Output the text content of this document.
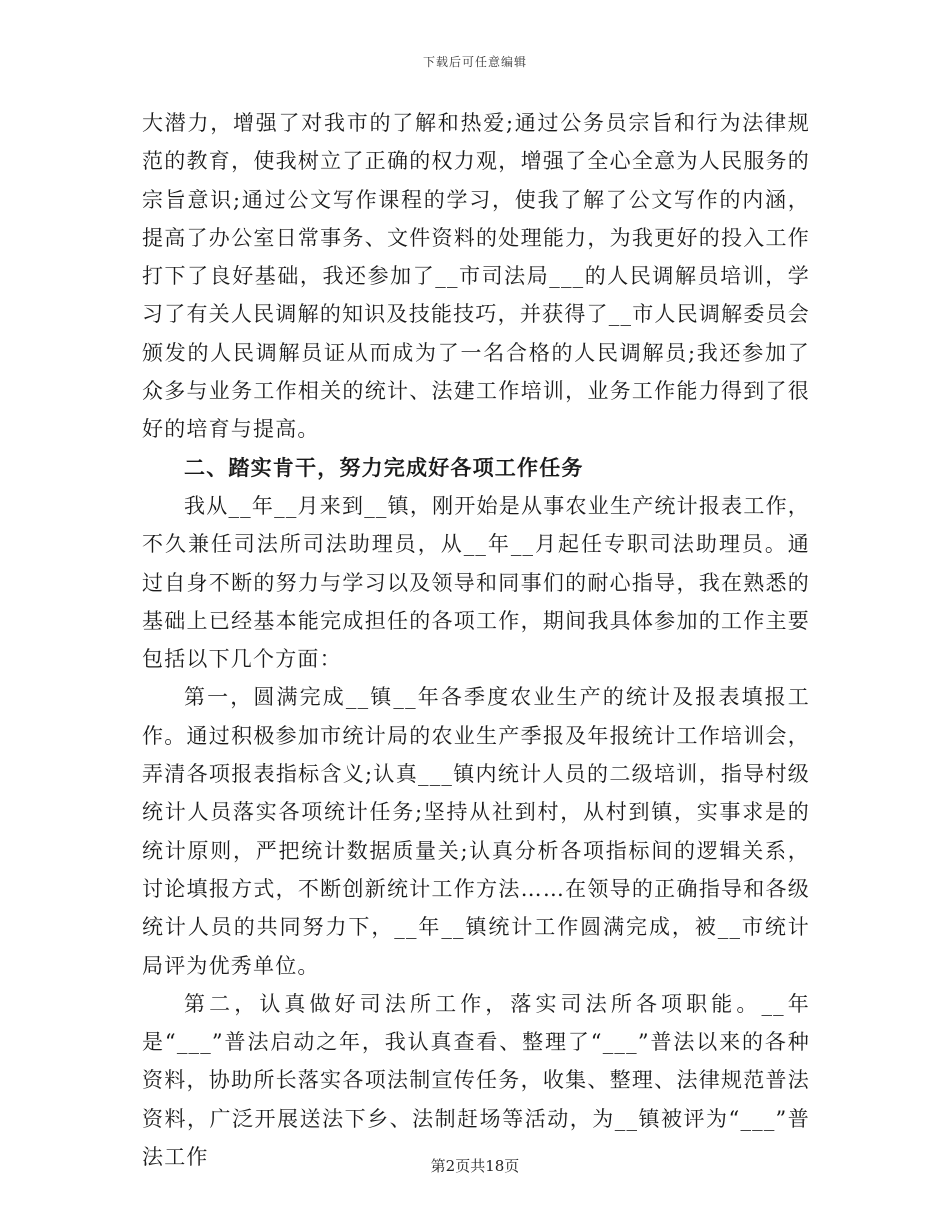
下载后可任意编辑

大潜力，增强了对我市的了解和热爱;通过公务员宗旨和行为法律规范的教育，使我树立了正确的权力观，增强了全心全意为人民服务的宗旨意识;通过公文写作课程的学习，使我了解了公文写作的内涵，提高了办公室日常事务、文件资料的处理能力，为我更好的投入工作打下了良好基础，我还参加了__市司法局___的人民调解员培训，学习了有关人民调解的知识及技能技巧，并获得了__市人民调解委员会颁发的人民调解员证从而成为了一名合格的人民调解员;我还参加了众多与业务工作相关的统计、法建工作培训，业务工作能力得到了很好的培育与提高。

二、踏实肯干，努力完成好各项工作任务

我从__年__月来到__镇，刚开始是从事农业生产统计报表工作，不久兼任司法所司法助理员，从__年__月起任专职司法助理员。通过自身不断的努力与学习以及领导和同事们的耐心指导，我在熟悉的基础上已经基本能完成担任的各项工作，期间我具体参加的工作主要包括以下几个方面：

第一，圆满完成__镇__年各季度农业生产的统计及报表填报工作。通过积极参加市统计局的农业生产季报及年报统计工作培训会，弄清各项报表指标含义;认真___镇内统计人员的二级培训，指导村级统计人员落实各项统计任务;坚持从社到村，从村到镇，实事求是的统计原则，严把统计数据质量关;认真分析各项指标间的逻辑关系，讨论填报方式，不断创新统计工作方法……在领导的正确指导和各级统计人员的共同努力下，__年__镇统计工作圆满完成，被__市统计局评为优秀单位。

第二，认真做好司法所工作，落实司法所各项职能。__年是“___”普法启动之年，我认真查看、整理了“___”普法以来的各种资料，协助所长落实各项法制宣传任务，收集、整理、法律规范普法资料，广泛开展送法下乡、法制赶场等活动，为__镇被评为“___”普法工作	第2页共18页
